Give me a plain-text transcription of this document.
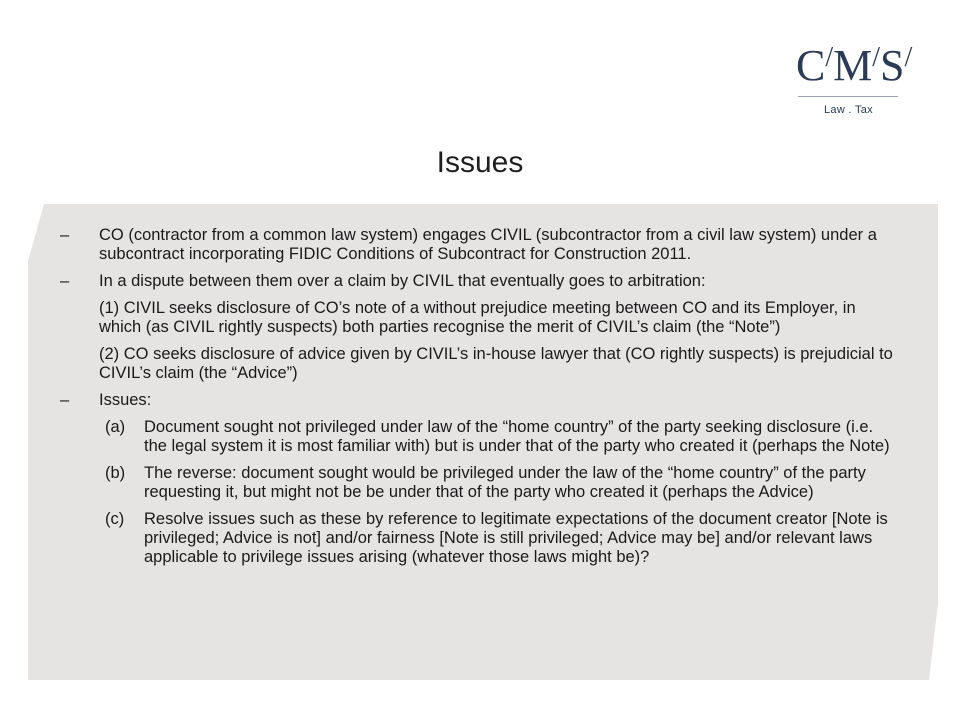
C/M/S/
Law . Tax
Issues
– CO (contractor from a common law system) engages CIVIL (subcontractor from a civil law system) under a subcontract incorporating FIDIC Conditions of Subcontract for Construction 2011.
– In a dispute between them over a claim by CIVIL that eventually goes to arbitration:
(1) CIVIL seeks disclosure of CO’s note of a without prejudice meeting between CO and its Employer, in which (as CIVIL rightly suspects) both parties recognise the merit of CIVIL’s claim (the “Note”)
(2) CO seeks disclosure of advice given by CIVIL’s in-house lawyer that (CO rightly suspects) is prejudicial to CIVIL’s claim (the “Advice”)
– Issues:
(a) Document sought not privileged under law of the “home country” of the party seeking disclosure (i.e. the legal system it is most familiar with) but is under that of the party who created it (perhaps the Note)
(b) The reverse: document sought would be privileged under the law of the “home country” of the party requesting it, but might not be be under that of the party who created it (perhaps the Advice)
(c) Resolve issues such as these by reference to legitimate expectations of the document creator [Note is privileged; Advice is not] and/or fairness [Note is still privileged; Advice may be] and/or relevant laws applicable to privilege issues arising (whatever those laws might be)?
